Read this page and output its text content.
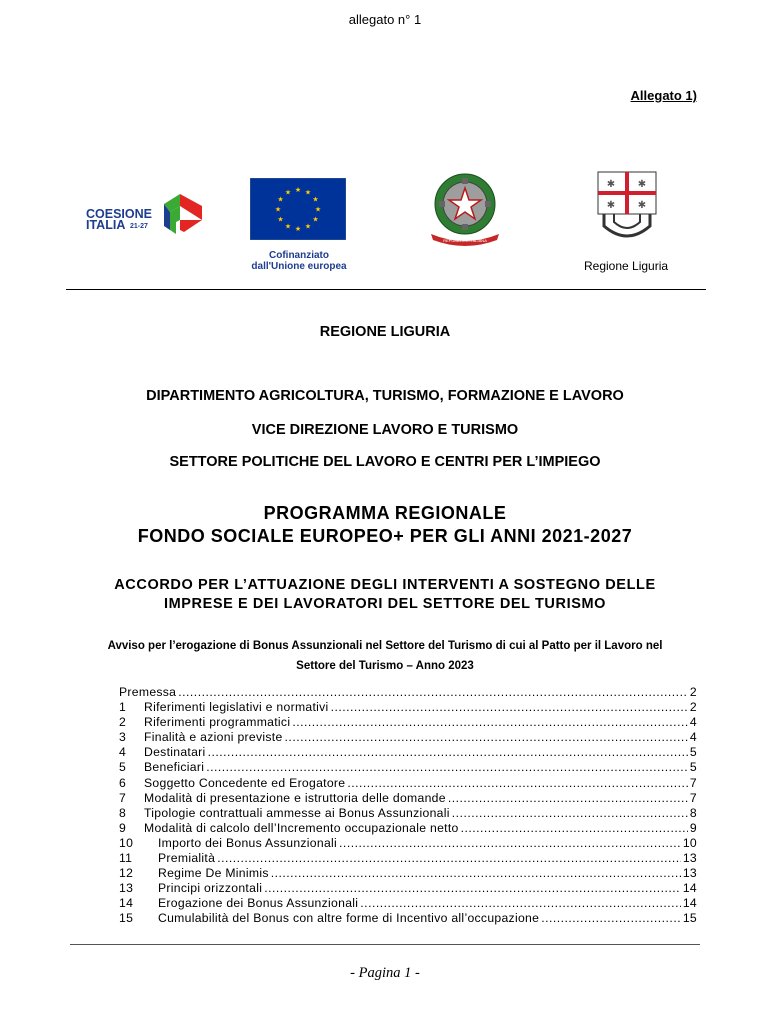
allegato n° 1
Allegato 1)
COESIONE
ITALIA 21-27
★ ★
★
★
★
★
★
★
★
★
★
★
Cofinanziato
dall'Unione europea
REPUBBLICA ITALIANA
✱ ✱
✱ ✱
Regione Liguria
REGIONE LIGURIA
DIPARTIMENTO AGRICOLTURA, TURISMO, FORMAZIONE E LAVORO
VICE DIREZIONE LAVORO E TURISMO
SETTORE POLITICHE DEL LAVORO E CENTRI PER L’IMPIEGO
PROGRAMMA REGIONALE
FONDO SOCIALE EUROPEO+ PER GLI ANNI 2021-2027
ACCORDO PER L’ATTUAZIONE DEGLI INTERVENTI A SOSTEGNO DELLE
IMPRESE E DEI LAVORATORI DEL SETTORE DEL TURISMO
Avviso per l’erogazione di Bonus Assunzionali nel Settore del Turismo di cui al Patto per il Lavoro nel
Settore del Turismo – Anno 2023
Premessa .....	2
1	Riferimenti legislativi e normativi .....	2
2	Riferimenti programmatici .....	4
3	Finalità e azioni previste .....	4
4	Destinatari .....	5
5	Beneficiari .....	5
6	Soggetto Concedente ed Erogatore .....	7
7	Modalità di presentazione e istruttoria delle domande .....	7
8	Tipologie contrattuali ammesse ai Bonus Assunzionali .....	8
9	Modalità di calcolo dell’Incremento occupazionale netto .....	9
10	Importo dei Bonus Assunzionali .....	10
11	Premialità .....	13
12	Regime De Minimis .....	13
13	Principi orizzontali .....	14
14	Erogazione dei Bonus Assunzionali .....	14
15	Cumulabilità del Bonus con altre forme di Incentivo all’occupazione .....	15
- Pagina 1 -
